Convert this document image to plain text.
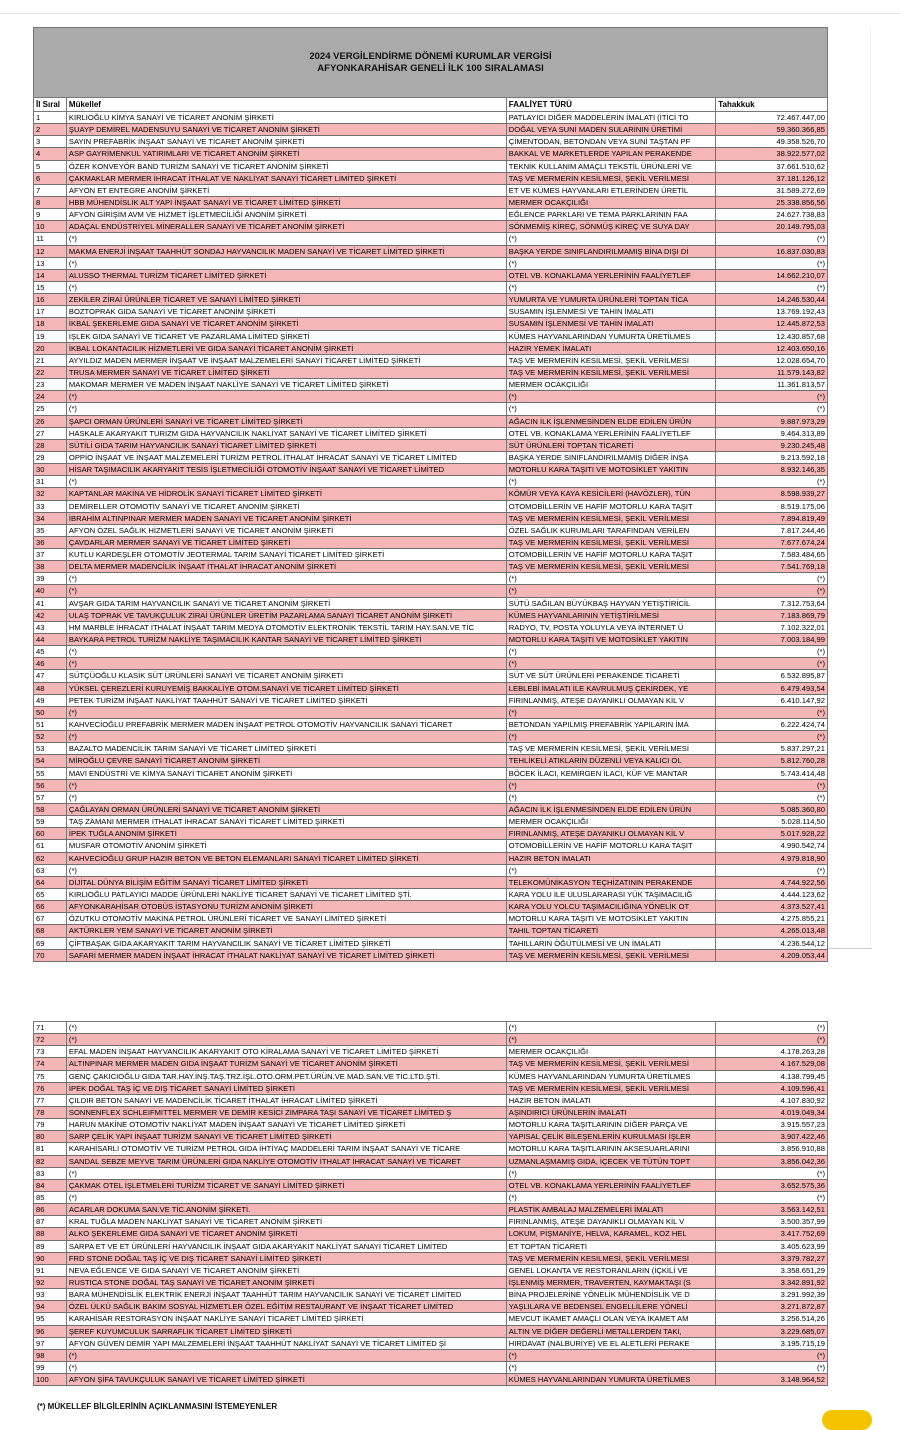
2024 VERGİLENDİRME DÖNEMİ KURUMLAR VERGİSİ
AFYONKARAHİSAR GENELİ İLK 100 SIRALAMASI
İl Sıral	Mükellef	FAALİYET TÜRÜ	Tahakkuk
1	KIRLIOĞLU KİMYA SANAYİ VE TİCARET ANONİM ŞİRKETİ	PATLAYICI DİĞER MADDELERİN İMALATI (İTİCİ TO	72.467.447,00
2	ŞUAYP DEMİREL MADENSUYU SANAYİ VE TİCARET ANONİM ŞİRKETİ	DOĞAL VEYA SUNİ MADEN SULARININ ÜRETİMİ	59.360.366,85
3	SAYIN PREFABRİK İNŞAAT SANAYİ VE TİCARET ANONİM ŞİRKETİ	ÇİMENTODAN, BETONDAN VEYA SUNİ TAŞTAN PF	49.358.526,70
4	ASP GAYRİMENKUL YATIRIMLARI VE TİCARET ANONİM ŞİRKETİ	BAKKAL VE MARKETLERDE YAPILAN PERAKENDE	38.922.577,02
5	ÖZER KONVEYÖR BAND TURİZM SANAYİ VE TİCARET ANONİM ŞİRKETİ	TEKNİK KULLANIM AMAÇLI TEKSTİL ÜRÜNLERİ VE	37.661.510,62
6	ÇAKMAKLAR MERMER İHRACAT İTHALAT VE NAKLİYAT SANAYİ TİCARET LİMİTED ŞİRKETİ	TAŞ VE MERMERİN KESİLMESİ, ŞEKİL VERİLMESİ	37.181.126,12
7	AFYON ET ENTEGRE ANONİM ŞİRKETİ	ET VE KÜMES HAYVANLARI ETLERİNDEN ÜRETİL	31.589.272,69
8	HBB MÜHENDİSLİK ALT YAPI İNŞAAT SANAYİ VE TİCARET LİMİTED ŞİRKETİ	MERMER OCAKÇILIĞI	25.338.856,56
9	AFYON GİRİŞİM AVM VE HİZMET İŞLETMECİLİĞİ ANONİM ŞİRKETİ	EĞLENCE PARKLARI VE TEMA PARKLARININ FAA	24.627.738,83
10	ADAÇAL ENDÜSTRİYEL MİNERALLER SANAYİ VE TİCARET ANONİM ŞİRKETİ	SÖNMEMİŞ KİREÇ, SÖNMÜŞ KİREÇ VE SUYA DAY	20.149.795,03
11	(*)	(*)	(*)
12	MAKMA ENERJİ İNŞAAT TAAHHÜT SONDAJ HAYVANCILIK MADEN SANAYİ VE TİCARET LİMİTED ŞİRKETİ	BAŞKA YERDE SINIFLANDIRILMAMIŞ BİNA DIŞI Dİ	16.837.030,83
13	(*)	(*)	(*)
14	ALUSSO THERMAL TURİZM TİCARET LİMİTED ŞİRKETİ	OTEL VB. KONAKLAMA YERLERİNİN FAALİYETLEF	14.662.210,07
15	(*)	(*)	(*)
16	ZEKİLER ZİRAİ ÜRÜNLER TİCARET VE SANAYİ LİMİTED ŞİRKETİ	YUMURTA VE YUMURTA ÜRÜNLERİ TOPTAN TİCA	14.246.530,44
17	BOZTOPRAK GIDA SANAYİ VE TİCARET ANONİM ŞİRKETİ	SUSAMIN İŞLENMESİ VE TAHİN İMALATI	13.769.192,43
18	İKBAL ŞEKERLEME GIDA SANAYİ VE TİCARET ANONİM ŞİRKETİ	SUSAMIN İŞLENMESİ VE TAHİN İMALATI	12.445.872,53
19	İŞLEK GIDA SANAYİ VE TİCARET VE PAZARLAMA LİMİTED ŞİRKETİ	KÜMES HAYVANLARINDAN YUMURTA ÜRETİLMES	12.430.857,68
20	İKBAL LOKANTACILIK HİZMETLERİ VE GIDA SANAYİ TİCARET ANONİM ŞİRKETİ	HAZIR YEMEK İMALATI	12.403.650,16
21	AYYILDIZ MADEN MERMER İNŞAAT VE İNŞAAT MALZEMELERİ SANAYİ TİCARET LİMİTED ŞİRKETİ	TAŞ VE MERMERİN KESİLMESİ, ŞEKİL VERİLMESİ	12.028.654,70
22	TRUSA MERMER SANAYİ VE TİCARET LİMİTED ŞİRKETİ	TAŞ VE MERMERİN KESİLMESİ, ŞEKİL VERİLMESİ	11.579.143,82
23	MAKOMAR MERMER VE MADEN İNŞAAT NAKLİYE SANAYİ VE TİCARET LİMİTED ŞİRKETİ	MERMER OCAKÇILIĞI	11.361.813,57
24	(*)	(*)	(*)
25	(*)	(*)	(*)
26	ŞAPCI ORMAN ÜRÜNLERİ SANAYİ VE TİCARET LİMİTED ŞİRKETİ	AĞACIN İLK İŞLENMESİNDEN ELDE EDİLEN ÜRÜN	9.887.973,29
27	HASKALE AKARYAKIT TURİZM GIDA HAYVANCILIK NAKLİYAT SANAYİ VE TİCARET LİMİTED ŞİRKETİ	OTEL VB. KONAKLAMA YERLERİNİN FAALİYETLEF	9.464.313,89
28	SÜTİLİ GIDA TARIM HAYVANCILIK SANAYİ TİCARET LİMİTED ŞİRKETİ	SÜT ÜRÜNLERİ TOPTAN TİCARETİ	9.230.245,48
29	OPPİO İNŞAAT VE İNŞAAT MALZEMELERİ TURİZM PETROL İTHALAT İHRACAT SANAYİ VE TİCARET LİMİTED	BAŞKA YERDE SINIFLANDIRILMAMIŞ DİĞER İNŞA	9.213.592,18
30	HİSAR TAŞIMACILIK AKARYAKIT TESİS İŞLETMECİLİĞİ OTOMOTİV İNŞAAT SANAYİ VE TİCARET LİMİTED	MOTORLU KARA TAŞITI VE MOTOSİKLET YAKITIN	8.932.146,35
31	(*)	(*)	(*)
32	KAPTANLAR MAKİNA VE HİDROLİK SANAYİ TİCARET LİMİTED ŞİRKETİ	KÖMÜR VEYA KAYA KESİCİLERİ (HAVÖZLER), TÜN	8.598.939,27
33	DEMİRELLER OTOMOTİV SANAYİ VE TİCARET ANONİM ŞİRKETİ	OTOMOBİLLERİN VE HAFİF MOTORLU KARA TAŞIT	8.519.175,06
34	İBRAHİM ALTINPINAR MERMER MADEN SANAYİ VE TİCARET ANONİM ŞİRKETİ	TAŞ VE MERMERİN KESİLMESİ, ŞEKİL VERİLMESİ	7.894.819,49
35	AFYON ÖZEL SAĞLIK HİZMETLERİ SANAYİ VE TİCARET ANONİM ŞİRKETİ	ÖZEL SAĞLIK KURUMLARI TARAFINDAN VERİLEN	7.817.244,46
36	ÇAVDARLAR MERMER SANAYİ VE TİCARET LİMİTED ŞİRKETİ	TAŞ VE MERMERİN KESİLMESİ, ŞEKİL VERİLMESİ	7.677.674,24
37	KUTLU KARDEŞLER OTOMOTİV JEOTERMAL TARIM SANAYİ TİCARET LİMİTED ŞİRKETİ	OTOMOBİLLERİN VE HAFİF MOTORLU KARA TAŞIT	7.583.484,65
38	DELTA MERMER MADENCİLİK İNŞAAT İTHALAT İHRACAT ANONİM ŞİRKETİ	TAŞ VE MERMERİN KESİLMESİ, ŞEKİL VERİLMESİ	7.541.769,18
39	(*)	(*)	(*)
40	(*)	(*)	(*)
41	AVŞAR GIDA TARIM HAYVANCILIK SANAYİ VE TİCARET ANONİM ŞİRKETİ	SÜTÜ SAĞILAN BÜYÜKBAŞ HAYVAN YETİŞTİRİCİL	7.312.753,64
42	ULAŞ TOPRAK VE TAVUKÇULUK ZİRAİ ÜRÜNLER ÜRETİM PAZARLAMA SANAYİ TİCARET ANONİM ŞİRKETİ	KÜMES HAYVANLARININ YETİŞTİRİLMESİ	7.183.869,79
43	HM MARBLE İHRACAT İTHALAT İNŞAAT TARIM MEDYA OTOMOTİV ELEKTRONİK TEKSTİL TARIM HAY.SAN.VE TİC	RADYO, TV, POSTA YOLUYLA VEYA İNTERNET Ü	7.102.322,01
44	BAYKARA PETROL TURİZM NAKLİYE TAŞIMACILIK KANTAR SANAYİ VE TİCARET LİMİTED ŞİRKETİ	MOTORLU KARA TAŞITI VE MOTOSİKLET YAKITIN	7.003.184,99
45	(*)	(*)	(*)
46	(*)	(*)	(*)
47	SÜTÇÜOĞLU KLASİK SÜT ÜRÜNLERİ SANAYİ VE TİCARET ANONİM ŞİRKETİ	SÜT VE SÜT ÜRÜNLERİ PERAKENDE TİCARETİ	6.532.895,87
48	YÜKSEL ÇEREZLERİ KURUYEMİŞ BAKKALİYE OTOM.SANAYİ VE TİCARET LİMİTED ŞİRKETİ	LEBLEBİ İMALATI İLE KAVRULMUŞ ÇEKİRDEK, YE	6.479.493,54
49	PETEK TURİZM İNŞAAT NAKLİYAT TAAHHÜT SANAYİ VE TİCARET LİMİTED ŞİRKETİ	FIRINLANMIŞ, ATEŞE DAYANIKLI OLMAYAN KİL V	6.410.147,92
50	(*)	(*)	(*)
51	KAHVECİOĞLU PREFABRİK MERMER MADEN İNŞAAT PETROL OTOMOTİV HAYVANCILIK SANAYİ TİCARET	BETONDAN YAPILMIŞ PREFABRİK YAPILARIN İMA	6.222.424,74
52	(*)	(*)	(*)
53	BAZALTO MADENCİLİK TARIM SANAYİ VE TİCARET LİMİTED ŞİRKETİ	TAŞ VE MERMERİN KESİLMESİ, ŞEKİL VERİLMESİ	5.837.297,21
54	MİROĞLU ÇEVRE SANAYİ TİCARET ANONİM ŞİRKETİ	TEHLİKELİ ATIKLARIN DÜZENLİ VEYA KALICI OL	5.812.760,28
55	MAVİ ENDÜSTRİ VE KİMYA SANAYİ TİCARET ANONİM ŞİRKETİ	BÖCEK İLACI, KEMİRGEN İLACI, KÜF VE MANTAR	5.743.414,48
56	(*)	(*)	(*)
57	(*)	(*)	(*)
58	ÇAĞLAYAN ORMAN ÜRÜNLERİ SANAYİ VE TİCARET ANONİM ŞİRKETİ	AĞACIN İLK İŞLENMESİNDEN ELDE EDİLEN ÜRÜN	5.085.360,80
59	TAŞ ZAMANI MERMER İTHALAT İHRACAT SANAYİ TİCARET LİMİTED ŞİRKETİ	MERMER OCAKÇILIĞI	5.028.114,50
60	İPEK TUĞLA ANONİM ŞİRKETİ	FIRINLANMIŞ, ATEŞE DAYANIKLI OLMAYAN KİL V	5.017.928,22
61	MUSFAR OTOMOTİV ANONİM ŞİRKETİ	OTOMOBİLLERİN VE HAFİF MOTORLU KARA TAŞIT	4.990.542,74
62	KAHVECİOĞLU GRUP HAZIR BETON VE BETON ELEMANLARI SANAYİ TİCARET LİMİTED ŞİRKETİ	HAZIR BETON İMALATI	4.979.818,90
63	(*)	(*)	(*)
64	DİJİTAL DÜNYA BİLİŞİM EĞİTİM SANAYİ TİCARET LİMİTED ŞİRKETİ	TELEKOMÜNİKASYON TEÇHİZATININ PERAKENDE	4.744.922,56
65	KIRLIOĞLU PATLAYICI MADDE ÜRÜNLERİ NAKLİYE TİCARET SANAYİ VE TİCARET LİMİTED ŞTİ.	KARA YOLU İLE ULUSLARARASI YÜK TAŞIMACILIĞ	4.444.123,62
66	AFYONKARAHİSAR OTOBÜS İSTASYONU TURİZM ANONİM ŞİRKETİ	KARA YOLU YOLCU TAŞIMACILIĞINA YÖNELİK OT	4.373.527,41
67	ÖZUTKU OTOMOTİV MAKİNA PETROL ÜRÜNLERİ TİCARET VE SANAYİ LİMİTED ŞİRKETİ	MOTORLU KARA TAŞITI VE MOTOSİKLET YAKITIN	4.275.855,21
68	AKTÜRKLER YEM SANAYİ VE TİCARET ANONİM ŞİRKETİ	TAHIL TOPTAN TİCARETİ	4.265.013,48
69	ÇİFTBAŞAK GIDA AKARYAKIT TARIM HAYVANCILIK SANAYİ VE TİCARET LİMİTED ŞİRKETİ	TAHILLARIN ÖĞÜTÜLMESİ VE UN İMALATI	4.236.544,12
70	SAFARİ MERMER MADEN İNŞAAT İHRACAT İTHALAT NAKLİYAT SANAYİ VE TİCARET LİMİTED ŞİRKETİ	TAŞ VE MERMERİN KESİLMESİ, ŞEKİL VERİLMESİ	4.209.053,44
71	(*)	(*)	(*)
72	(*)	(*)	(*)
73	EFAL MADEN İNŞAAT HAYVANCILIK AKARYAKIT OTO KİRALAMA SANAYİ VE TİCARET LİMİTED ŞİRKETİ	MERMER OCAKÇILIĞI	4.178.263,28
74	ALTINPINAR MERMER MADEN GIDA İNŞAAT TURİZM SANAYİ VE TİCARET ANONİM ŞİRKETİ	TAŞ VE MERMERİN KESİLMESİ, ŞEKİL VERİLMESİ	4.167.529,08
75	GENÇ ÇAKICIOĞLU GIDA TAR.HAY.İNŞ.TAŞ.TRZ.İŞL.OTO.ORM.PET.ÜRÜN.VE MAD.SAN.VE TİC.LTD.ŞTİ.	KÜMES HAYVANLARINDAN YUMURTA ÜRETİLMES	4.138.799,45
76	İPEK DOĞAL TAŞ İÇ VE DIŞ TİCARET SANAYİ LİMİTED ŞİRKETİ	TAŞ VE MERMERİN KESİLMESİ, ŞEKİL VERİLMESİ	4.109.596,41
77	ÇILDIR BETON SANAYİ VE MADENCİLİK TİCARET İTHALAT İHRACAT LİMİTED ŞİRKETİ	HAZIR BETON İMALATI	4.107.830,92
78	SONNENFLEX SCHLEIFMITTEL MERMER VE DEMİR KESİCİ ZIMPARA TAŞI SANAYİ VE TİCARET LİMİTED Ş	AŞINDIRICI ÜRÜNLERİN İMALATI	4.019.049,34
79	HARUN MAKİNE OTOMOTİV NAKLİYAT MADEN İNŞAAT SANAYİ VE TİCARET LİMİTED ŞİRKETİ	MOTORLU KARA TAŞITLARININ DİĞER PARÇA VE	3.915.557,23
80	SARP ÇELİK YAPI İNŞAAT TURİZM SANAYİ VE TİCARET LİMİTED ŞİRKETİ	YAPISAL ÇELİK BİLEŞENLERİN KURULMASI İŞLER	3.907.422,46
81	KARAHİSARLI OTOMOTİV VE TURİZM PETROL GIDA İHTİYAÇ MADDELERİ TARIM İNŞAAT SANAYİ VE TİCARE	MOTORLU KARA TAŞITLARININ AKSESUARLARINI	3.856.910,88
82	SANDAL SEBZE MEYVE TARIM ÜRÜNLERİ GIDA NAKLİYE OTOMOTİV İTHALAT İHRACAT SANAYİ VE TİCARET	UZMANLAŞMAMIŞ GIDA, İÇECEK VE TÜTÜN TOPT	3.856.042,36
83	(*)	(*)	(*)
84	ÇAKMAK OTEL İŞLETMELERİ TURİZM TİCARET VE SANAYİ LİMİTED ŞİRKETİ	OTEL VB. KONAKLAMA YERLERİNİN FAALİYETLEF	3.652.575,36
85	(*)	(*)	(*)
86	ACARLAR DOKUMA SAN.VE TİC.ANONİM ŞİRKETİ.	PLASTİK AMBALAJ MALZEMELERİ İMALATI	3.563.142,51
87	KRAL TUĞLA MADEN NAKLİYAT SANAYİ VE TİCARET ANONİM ŞİRKETİ	FIRINLANMIŞ, ATEŞE DAYANIKLI OLMAYAN KİL V	3.500.357,99
88	ALKO ŞEKERLEME GIDA SANAYİ VE TİCARET ANONİM ŞİRKETİ	LOKUM, PİŞMANİYE, HELVA, KARAMEL, KOZ HEL	3.417.752,69
89	SARPA ET VE ET ÜRÜNLERİ HAYVANCILIK İNŞAAT GIDA AKARYAKIT NAKLİYAT SANAYİ TİCARET LİMİTED	ET TOPTAN TİCARETİ	3.405.623,99
90	FRD STONE DOĞAL TAŞ İÇ VE DIŞ TİCARET SANAYİ LİMİTED ŞİRKETİ	TAŞ VE MERMERİN KESİLMESİ, ŞEKİL VERİLMESİ	3.379.782,27
91	NEVA EĞLENCE VE GIDA SANAYİ VE TİCARET ANONİM ŞİRKETİ	GENEL LOKANTA VE RESTORANLARIN (İÇKİLİ VE	3.358.651,29
92	RUSTICA STONE DOĞAL TAŞ SANAYİ VE TİCARET ANONİM ŞİRKETİ	İŞLENMİŞ MERMER, TRAVERTEN, KAYMAKTAŞI (S	3.342.891,92
93	BARA MÜHENDİSLİK ELEKTRİK ENERJİ İNŞAAT TAAHHÜT TARIM HAYVANCILIK SANAYİ VE TİCARET LİMİTED	BİNA PROJELERİNE YÖNELİK MÜHENDİSLİK VE D	3.291.992,39
94	ÖZEL ÜLKÜ SAĞLIK BAKIM SOSYAL HİZMETLER ÖZEL EĞİTİM RESTAURANT VE İNŞAAT TİCARET LİMİTED	YAŞLILARA VE BEDENSEL ENGELLİLERE YÖNELİ	3.271.872,87
95	KARAHİSAR RESTORASYON İNŞAAT NAKLİYE SANAYİ TİCARET LİMİTED ŞİRKETİ	MEVCUT İKAMET AMAÇLI OLAN VEYA İKAMET AM	3.256.514,26
96	ŞEREF KUYUMCULUK SARRAFLIK TİCARET LİMİTED ŞİRKETİ	ALTIN VE DİĞER DEĞERLİ METALLERDEN TAKI,	3.229.685,07
97	AFYON GÜVEN DEMİR YAPI MALZEMELERİ İNŞAAT TAAHHÜT NAKLİYAT SANAYİ VE TİCARET LİMİTED Şİ	HIRDAVAT (NALBURİYE) VE EL ALETLERİ PERAKE	3.195.715,19
98	(*)	(*)	(*)
99	(*)	(*)	(*)
100	AFYON ŞİFA TAVUKÇULUK SANAYİ VE TİCARET LİMİTED ŞİRKETİ	KÜMES HAYVANLARINDAN YUMURTA ÜRETİLMES	3.148.964,52
(*) MÜKELLEF BİLGİLERİNİN AÇIKLANMASINI İSTEMEYENLER
